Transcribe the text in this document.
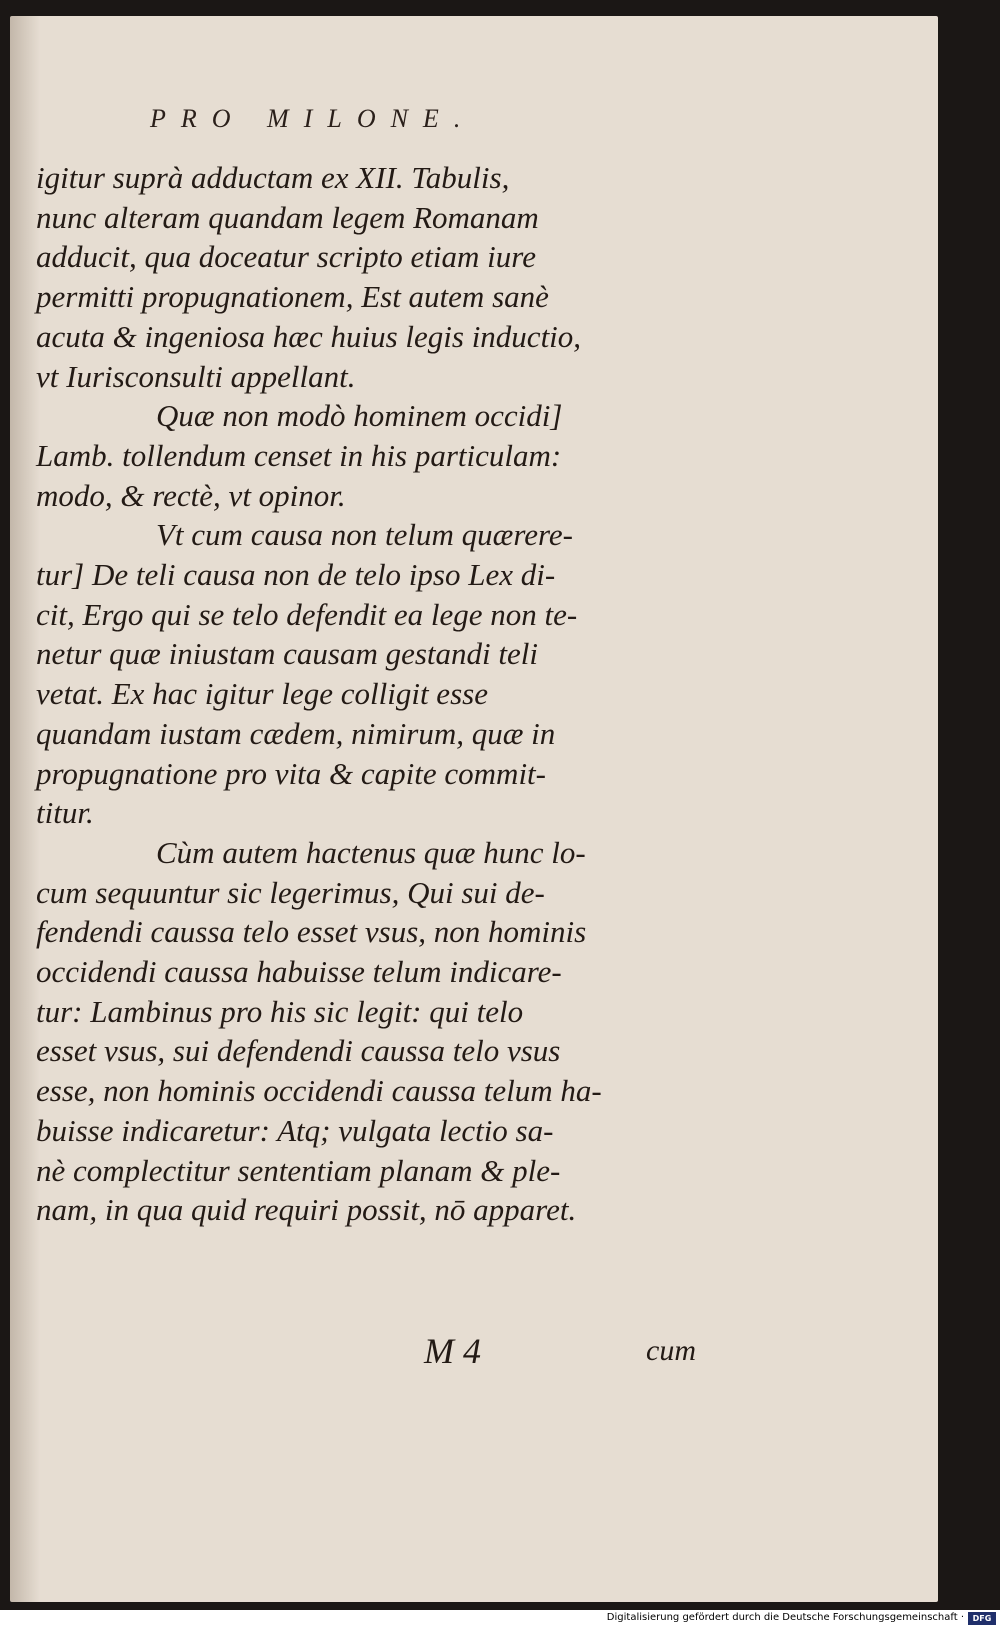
PRO MILONE.
igitur suprà adductam ex XII. Tabulis,
nunc alteram quandam legem Romanam
adducit, qua doceatur scripto etiam iure
permitti propugnationem, Est autem sanè
acuta & ingeniosa hæc huius legis inductio,
vt Iurisconsulti appellant.
Quæ non modò hominem occidi]
Lamb. tollendum censet in his particulam:
modo, & rectè, vt opinor.
Vt cum causa non telum quærere-
tur] De teli causa non de telo ipso Lex di-
cit, Ergo qui se telo defendit ea lege non te-
netur quæ iniustam causam gestandi teli
vetat. Ex hac igitur lege colligit esse
quandam iustam cædem, nimirum, quæ in
propugnatione pro vita & capite commit-
titur.
Cùm autem hactenus quæ hunc lo-
cum sequuntur sic legerimus, Qui sui de-
fendendi caussa telo esset vsus, non hominis
occidendi caussa habuisse telum indicare-
tur: Lambinus pro his sic legit: qui telo
esset vsus, sui defendendi caussa telo vsus
esse, non hominis occidendi caussa telum ha-
buisse indicaretur: Atq; vulgata lectio sa-
nè complectitur sententiam planam & ple-
nam, in qua quid requiri possit, nō apparet.
M 4	cum
Digitalisierung gefördert durch die Deutsche Forschungsgemeinschaft ·	DFG
